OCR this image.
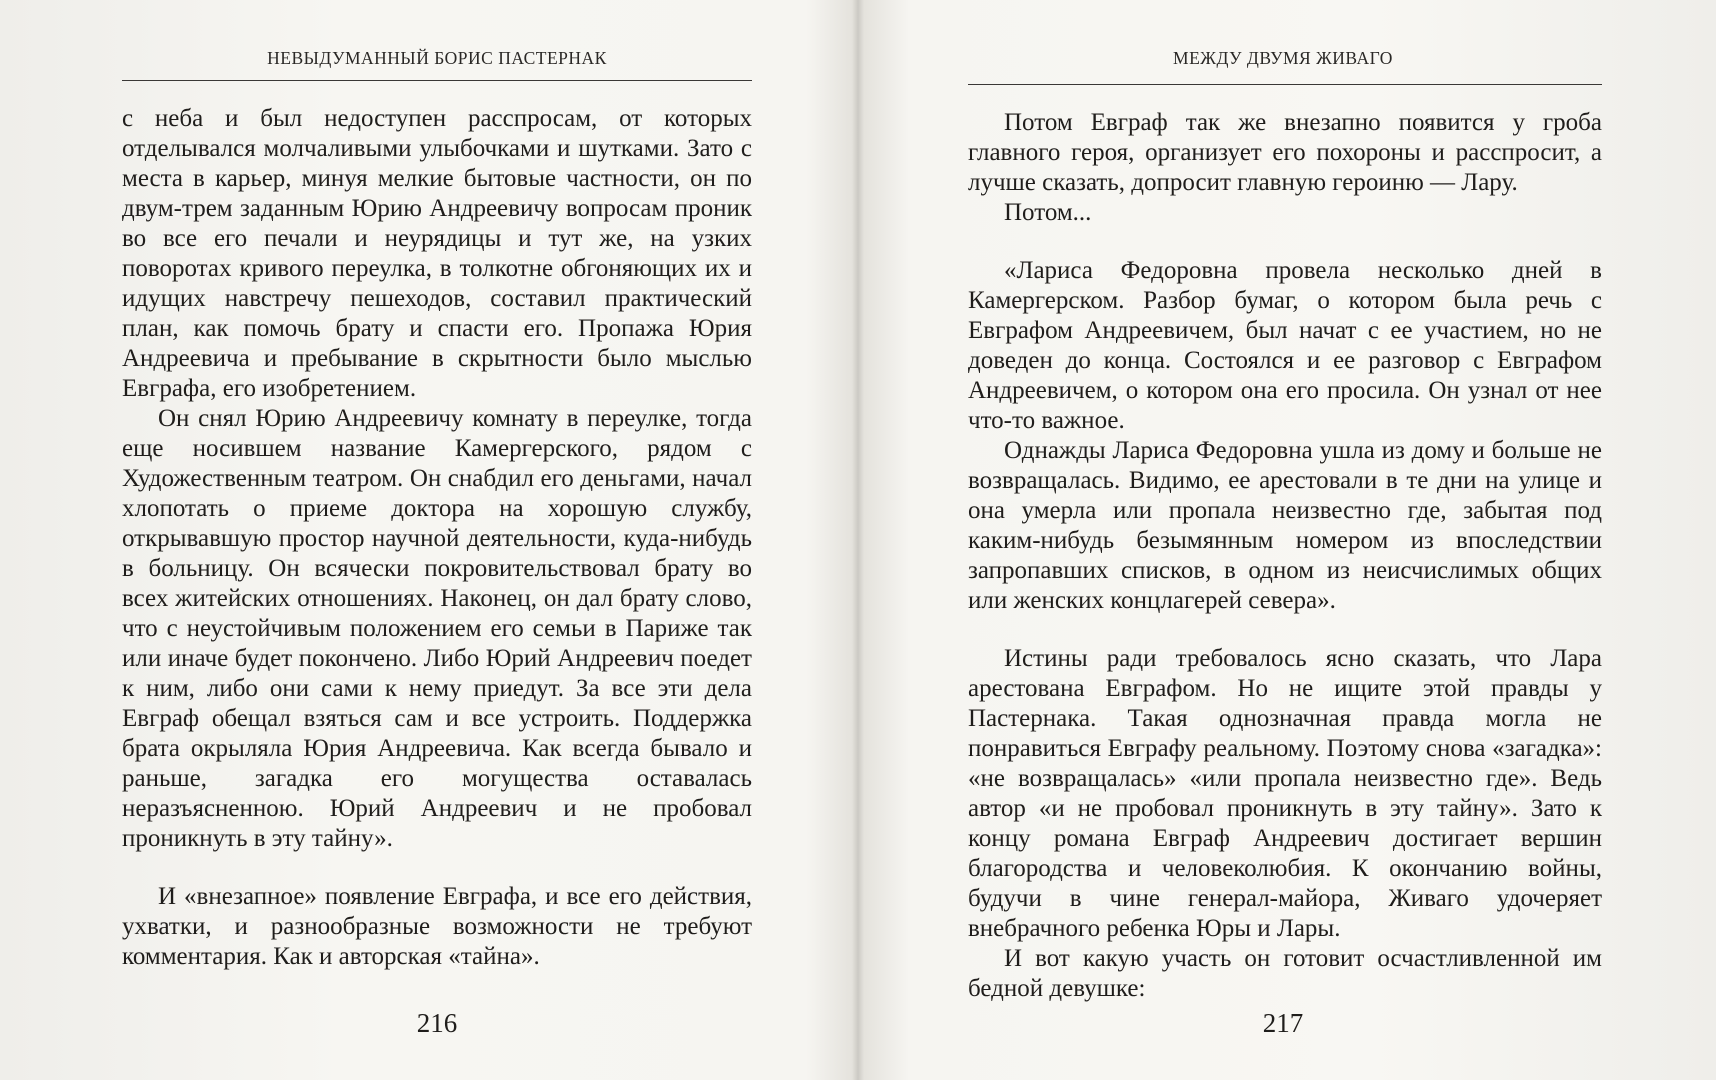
НЕВЫДУМАННЫЙ БОРИС ПАСТЕРНАК

с неба и был недоступен расспросам, от которых отделывался молчаливыми улыбочками и шутками. Зато с места в карьер, минуя мелкие бытовые частности, он по двум-трем заданным Юрию Андреевичу вопросам проник во все его печали и неурядицы и тут же, на узких поворотах кривого переулка, в толкотне обгоняющих их и идущих навстречу пешеходов, составил практический план, как помочь брату и спасти его. Пропажа Юрия Андреевича и пребывание в скрытности было мыслью Евграфа, его изобретением.

Он снял Юрию Андреевичу комнату в переулке, тогда еще носившем название Камергерского, рядом с Художественным театром. Он снабдил его деньгами, начал хлопотать о приеме доктора на хорошую службу, открывавшую простор научной деятельности, куда-нибудь в больницу. Он всячески покровительствовал брату во всех житейских отношениях. Наконец, он дал брату слово, что с неустойчивым положением его семьи в Париже так или иначе будет покончено. Либо Юрий Андреевич поедет к ним, либо они сами к нему приедут. За все эти дела Евграф обещал взяться сам и все устроить. Поддержка брата окрыляла Юрия Андреевича. Как всегда бывало и раньше, загадка его могущества оставалась неразъясненною. Юрий Андреевич и не пробовал проникнуть в эту тайну».

И «внезапное» появление Евграфа, и все его действия, ухватки, и разнообразные возможности не требуют комментария. Как и авторская «тайна».

216
МЕЖДУ ДВУМЯ ЖИВАГО

Потом Евграф так же внезапно появится у гроба главного героя, организует его похороны и расспросит, а лучше сказать, допросит главную героиню — Лару.

Потом...

«Лариса Федоровна провела несколько дней в Камергерском. Разбор бумаг, о котором была речь с Евграфом Андреевичем, был начат с ее участием, но не доведен до конца. Состоялся и ее разговор с Евграфом Андреевичем, о котором она его просила. Он узнал от нее что-то важное.

Однажды Лариса Федоровна ушла из дому и больше не возвращалась. Видимо, ее арестовали в те дни на улице и она умерла или пропала неизвестно где, забытая под каким-нибудь безымянным номером из впоследствии запропавших списков, в одном из неисчислимых общих или женских концлагерей севера».

Истины ради требовалось ясно сказать, что Лара арестована Евграфом. Но не ищите этой правды у Пастернака. Такая однозначная правда могла не понравиться Евграфу реальному. Поэтому снова «загадка»: «не возвращалась» «или пропала неизвестно где». Ведь автор «и не пробовал проникнуть в эту тайну». Зато к концу романа Евграф Андреевич достигает вершин благородства и человеколюбия. К окончанию войны, будучи в чине генерал-майора, Живаго удочеряет внебрачного ребенка Юры и Лары.

И вот какую участь он готовит осчастливленной им бедной девушке:

217
